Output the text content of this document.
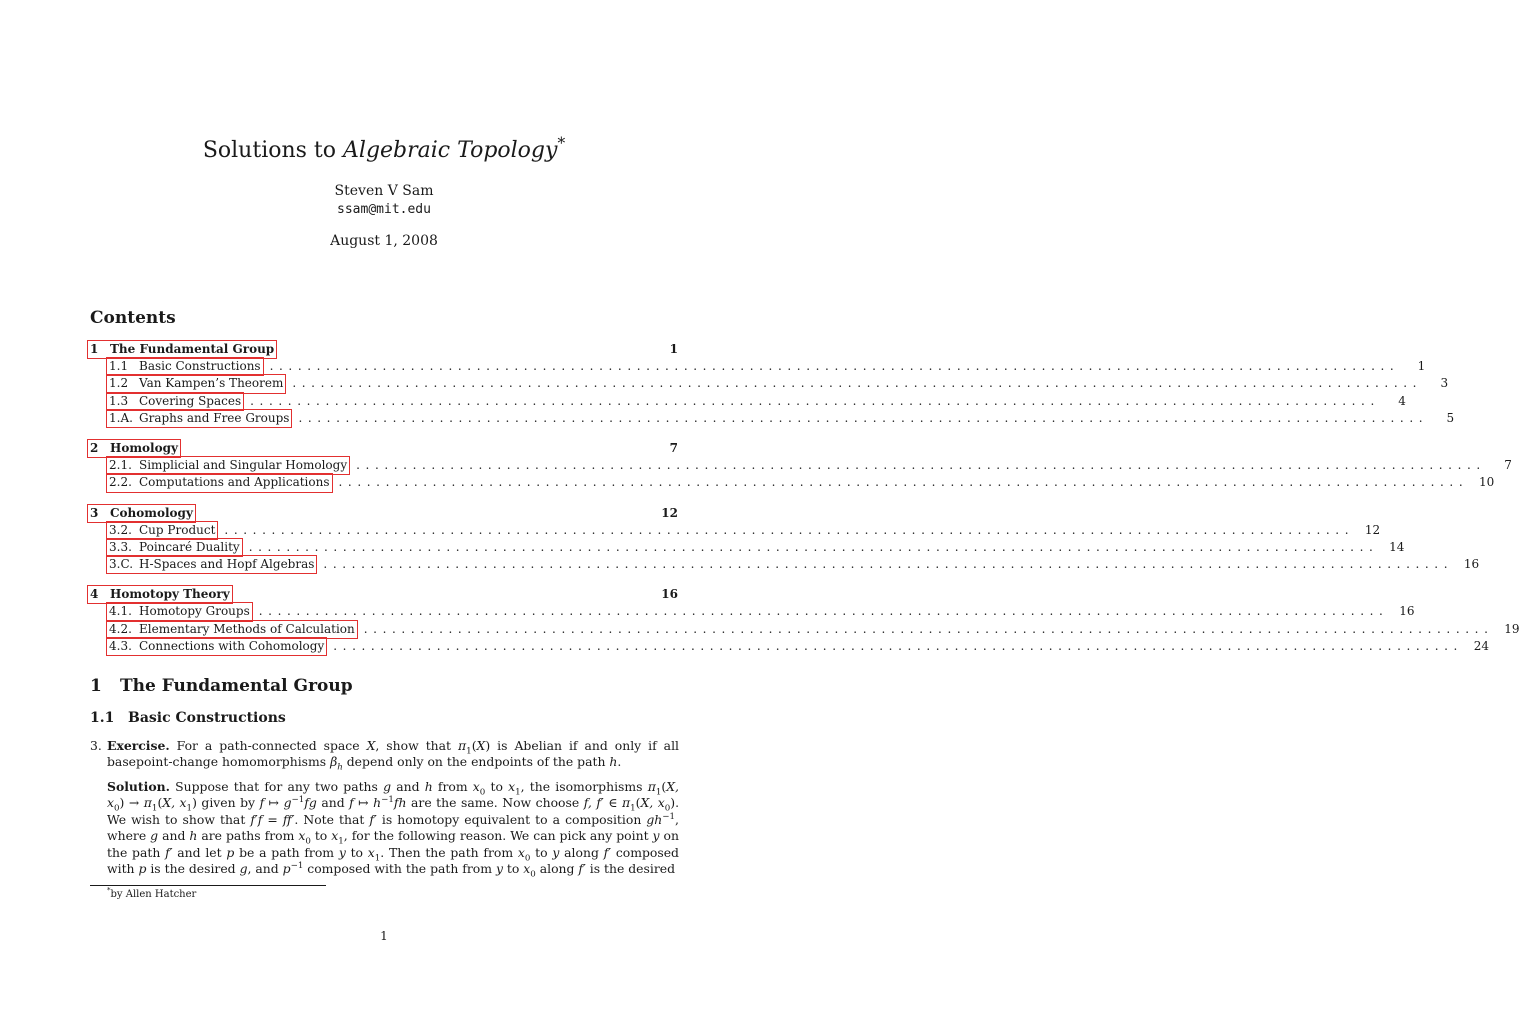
Solutions to Algebraic Topology*
Steven V Sam
ssam@mit.edu
August 1, 2008
Contents
1 The Fundamental Group	1
1.1 Basic Constructions ........................................................................................................................	1
1.2 Van Kampen’s Theorem ........................................................................................................................	3
1.3 Covering Spaces ........................................................................................................................	4
1.A. Graphs and Free Groups ........................................................................................................................	5
2 Homology	7
2.1. Simplicial and Singular Homology ........................................................................................................................	7
2.2. Computations and Applications ........................................................................................................................ 10
3 Cohomology	12
3.2. Cup Product ........................................................................................................................ 12
3.3. Poincaré Duality ........................................................................................................................ 14
3.C. H-Spaces and Hopf Algebras ........................................................................................................................ 16
4 Homotopy Theory	16
4.1. Homotopy Groups ........................................................................................................................ 16
4.2. Elementary Methods of Calculation ........................................................................................................................ 19
4.3. Connections with Cohomology ........................................................................................................................ 24
1 The Fundamental Group
1.1 Basic Constructions
3. Exercise. For a path-connected space X, show that $\pi_1(X)$ is Abelian if and only if all basepoint-change homomorphisms $\beta_h$ depend only on the endpoints of the path h.
Solution. Suppose that for any two paths g and h from $x_0$ to $x_1$, the isomorphisms $\pi_1(X$, $x_0) \to \pi_1(X$, $x_1$) given by f ↦ $g^{-1}fg$ and f ↦ $h^{-1}fh$ are the same. Now choose f, f′ ∈ $\pi_1(X$, $x_0$). We wish to show that f′f = ff′. Note that f′ is homotopy equivalent to a composition $gh^{-1}$, where g and h are paths from $x_0$ to $x_1$, for the following reason. We can pick any point y on the path f′ and let p be a path from y to $x_1$. Then the path from $x_0$ to y along f′ composed with p is the desired g, and $p^{-1}$ composed with the path from y to $x_0$ along f′ is the desired
*by Allen Hatcher
1
